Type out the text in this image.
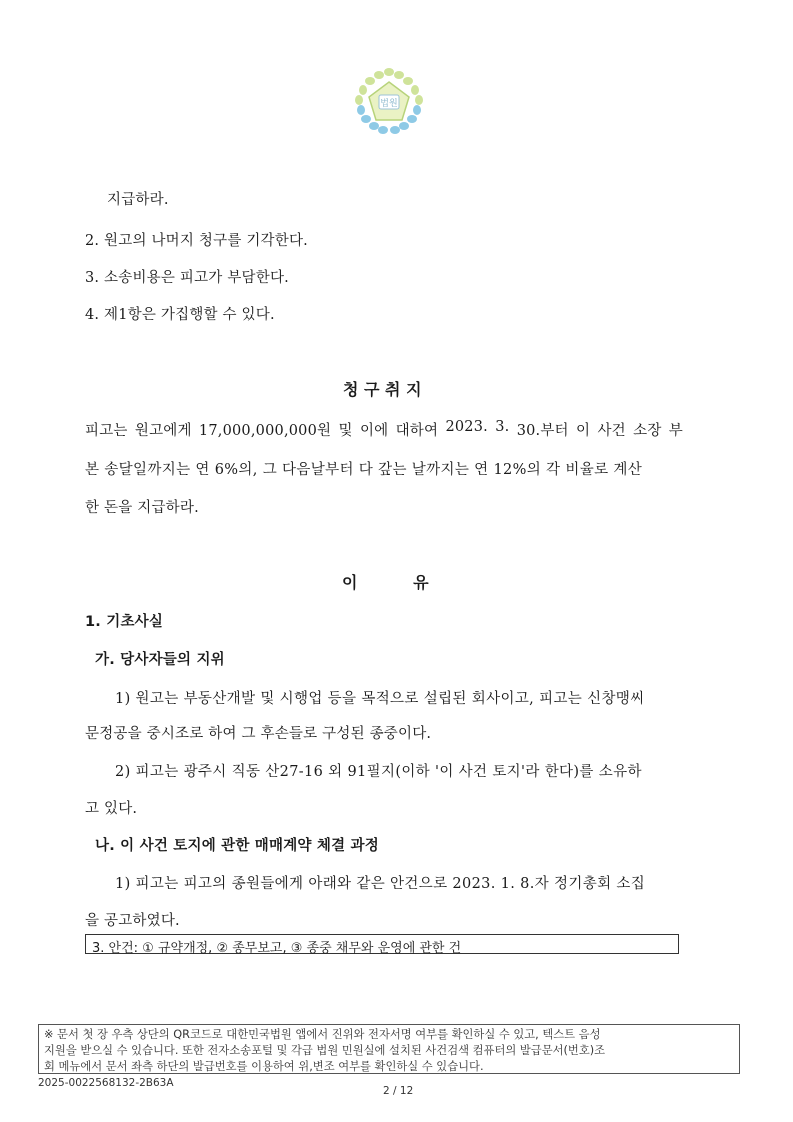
법원
지급하라.
2. 원고의 나머지 청구를 기각한다.
3. 소송비용은 피고가 부담한다.
4. 제1항은 가집행할 수 있다.
청 구 취 지
피고는 원고에게 17,000,000,000원 및 이에 대하여 2023. 3. 30.부터 이 사건 소장 부
본 송달일까지는 연 6%의, 그 다음날부터 다 갚는 날까지는 연 12%의 각 비율로 계산
한 돈을 지급하라.
이          유
1. 기초사실
가. 당사자들의 지위
1) 원고는 부동산개발 및 시행업 등을 목적으로 설립된 회사이고, 피고는 신창맹씨
문정공을 중시조로 하여 그 후손들로 구성된 종중이다.
2) 피고는 광주시 직동 산27-16 외 91필지(이하 '이 사건 토지'라 한다)를 소유하
고 있다.
나. 이 사건 토지에 관한 매매계약 체결 과정
1) 피고는 피고의 종원들에게 아래와 같은 안건으로 2023. 1. 8.자 정기총회 소집
을 공고하였다.
3. 안건: ① 규약개정, ② 종무보고, ③ 종중 채무와 운영에 관한 건
※ 문서 첫 장 우측 상단의 QR코드로 대한민국법원 앱에서 진위와 전자서명 여부를 확인하실 수 있고, 텍스트 음성
지원을 받으실 수 있습니다. 또한 전자소송포털 및 각급 법원 민원실에 설치된 사건검색 컴퓨터의 발급문서(번호)조
회 메뉴에서 문서 좌측 하단의 발급번호를 이용하여 위,변조 여부를 확인하실 수 있습니다.
2025-0022568132-2B63A
2 / 12
